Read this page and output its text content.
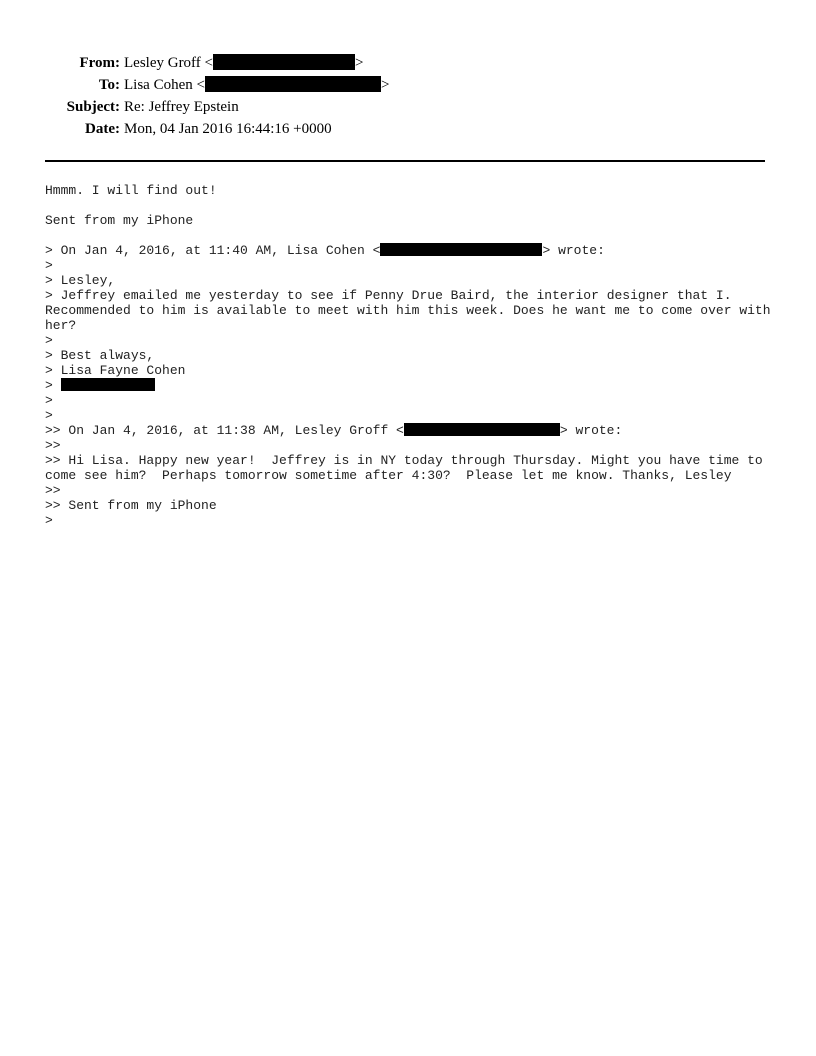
From: Lesley Groff <	>
To: Lisa Cohen <	>
Subject: Re: Jeffrey Epstein
Date: Mon, 04 Jan 2016 16:44:16 +0000
Hmmm. I will find out!
Sent from my iPhone
> On Jan 4, 2016, at 11:40 AM, Lisa Cohen <	> wrote:
>
> Lesley,
> Jeffrey emailed me yesterday to see if Penny Drue Baird, the interior designer that I. Recommended to him is available to meet with him this week. Does he want me to come over with her?
>
> Best always,
> Lisa Fayne Cohen
>
>
>
>> On Jan 4, 2016, at 11:38 AM, Lesley Groff <	> wrote:
>>
>> Hi Lisa. Happy new year!  Jeffrey is in NY today through Thursday. Might you have time to come see him?  Perhaps tomorrow sometime after 4:30?  Please let me know. Thanks, Lesley
>>
>> Sent from my iPhone
>
